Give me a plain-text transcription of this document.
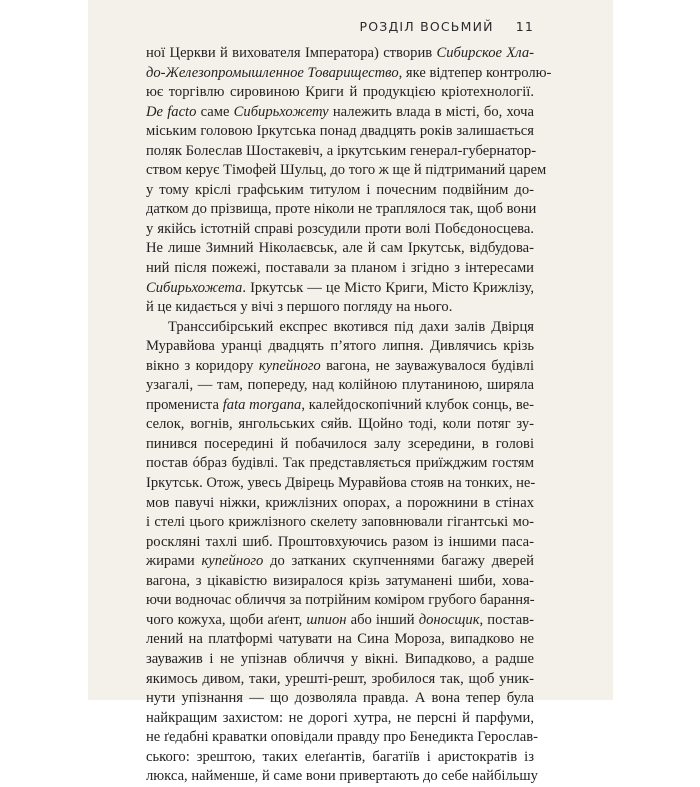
РОЗДІЛ ВОСЬМИЙ 11
ної Церкви й вихователя Імператора) створив Сибирское Хла-
до-Железопромышленное Товарищество, яке відтепер контролю-
ює торгівлю сировиною Криги й продукцією кріотехнології.
De facto саме Сибирьхожету належить влада в місті, бо, хоча
міським головою Іркутська понад двадцять років залишається
поляк Болеслав Шостакевіч, а іркутським генерал-губернатор-
ством керує Тімофей Шульц, до того ж ще й підтриманий царем
у тому кріслі графським титулом і почесним подвійним до-
датком до прізвища, проте ніколи не траплялося так, щоб вони
у якійсь істотній справі розсудили проти волі Побєдоносцева.
Не лише Зимний Ніколаєвськ, але й сам Іркутськ, відбудова-
ний після пожежі, поставали за планом і згідно з інтересами
Сибирьхожета. Іркутськ — це Місто Криги, Місто Крижлізу,
й це кидається у вічі з першого погляду на нього.
Транссибірський експрес вкотився під дахи залів Двірця
Муравйова уранці двадцять п’ятого липня. Дивлячись крізь
вікно з коридору купейного вагона, не зауважувалося будівлі
узагалі, — там, попереду, над колійною плутаниною, ширяла
промениста fata morgana, калейдоскопічний клубок сонць, ве-
селок, вогнів, янгольських сяйв. Щойно тоді, коли потяг зу-
пинився посередині й побачилося залу зсередини, в голові
постав óбраз будівлі. Так представляється приїжджим гостям
Іркутськ. Отож, увесь Двірець Муравйова стояв на тонких, не-
мов павучі ніжки, крижлізних опорах, а порожнини в стінах
і стелі цього крижлізного скелету заповнювали гігантські мо-
роскляні тахлі шиб. Проштовхуючись разом із іншими паса-
жирами купейного до затканих скупченнями багажу дверей
вагона, з цікавістю визиралося крізь затуманені шиби, хова-
ючи водночас обличчя за потрійним коміром грубого барання-
чого кожуха, щоби аґент, шпион або інший доносщик, постав-
лений на платформі чатувати на Сина Мороза, випадково не
зауважив і не упізнав обличчя у вікні. Випадково, а радше
якимось дивом, таки, урешті-решт, зробилося так, щоб уник-
нути упізнання — що дозволяла правда. А вона тепер була
найкращим захистом: не дорогі хутра, не персні й парфуми,
не ґедабні краватки оповідали правду про Бенедикта Герослав-
ського: зрештою, таких елеґантів, багатіїв і аристократів із
люкса, найменше, й саме вони привертають до себе найбільшу
